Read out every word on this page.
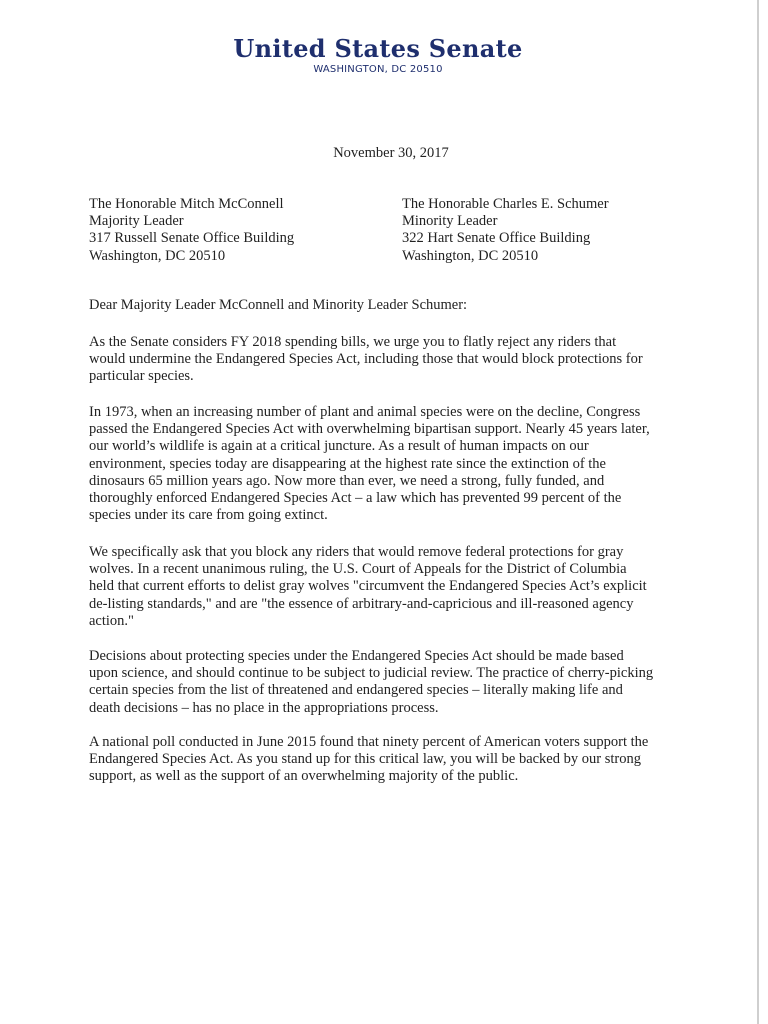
United States Senate
WASHINGTON, DC 20510
November 30, 2017
The Honorable Mitch McConnell
Majority Leader
317 Russell Senate Office Building
Washington, DC 20510
The Honorable Charles E. Schumer
Minority Leader
322 Hart Senate Office Building
Washington, DC 20510
Dear Majority Leader McConnell and Minority Leader Schumer:
As the Senate considers FY 2018 spending bills, we urge you to flatly reject any riders that
would undermine the Endangered Species Act, including those that would block protections for
particular species.
In 1973, when an increasing number of plant and animal species were on the decline, Congress
passed the Endangered Species Act with overwhelming bipartisan support. Nearly 45 years later,
our world’s wildlife is again at a critical juncture. As a result of human impacts on our
environment, species today are disappearing at the highest rate since the extinction of the
dinosaurs 65 million years ago. Now more than ever, we need a strong, fully funded, and
thoroughly enforced Endangered Species Act – a law which has prevented 99 percent of the
species under its care from going extinct.
We specifically ask that you block any riders that would remove federal protections for gray
wolves. In a recent unanimous ruling, the U.S. Court of Appeals for the District of Columbia
held that current efforts to delist gray wolves "circumvent the Endangered Species Act’s explicit
de-listing standards," and are "the essence of arbitrary-and-capricious and ill-reasoned agency
action."
Decisions about protecting species under the Endangered Species Act should be made based
upon science, and should continue to be subject to judicial review. The practice of cherry-picking
certain species from the list of threatened and endangered species – literally making life and
death decisions – has no place in the appropriations process.
A national poll conducted in June 2015 found that ninety percent of American voters support the
Endangered Species Act. As you stand up for this critical law, you will be backed by our strong
support, as well as the support of an overwhelming majority of the public.
